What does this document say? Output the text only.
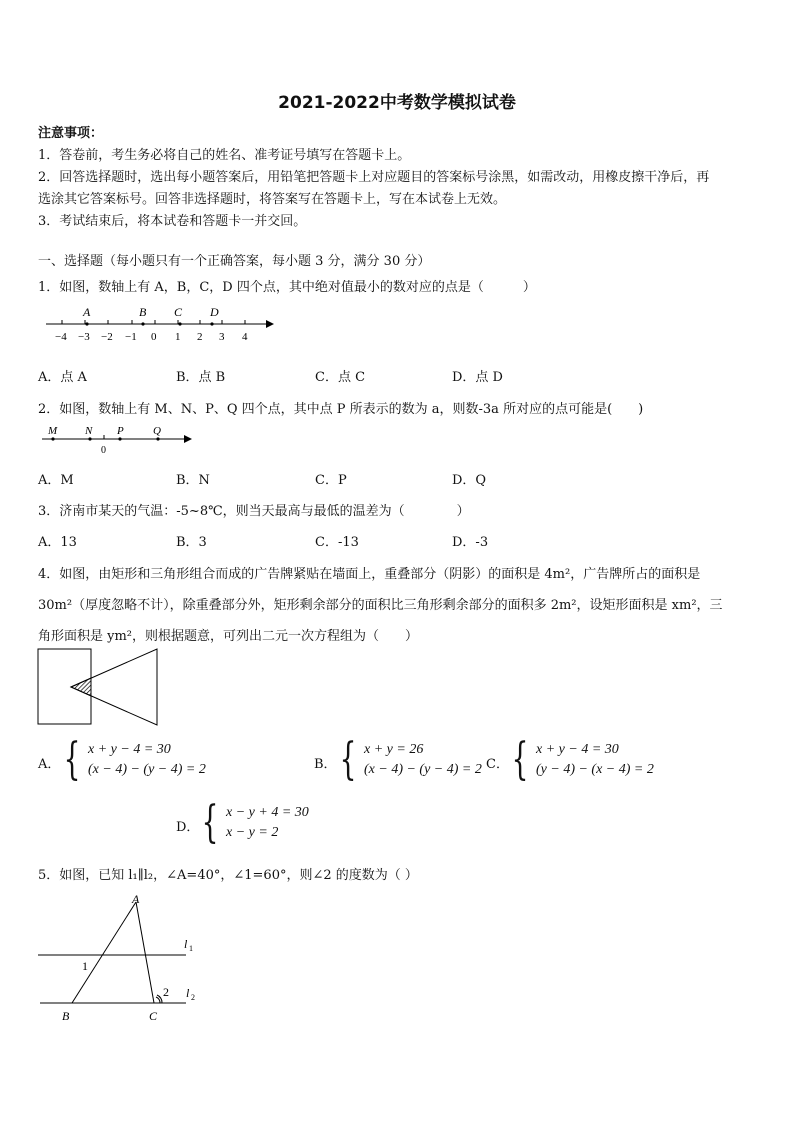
2021-2022中考数学模拟试卷
注意事项：
1．答卷前，考生务必将自己的姓名、准考证号填写在答题卡上。
2．回答选择题时，选出每小题答案后，用铅笔把答题卡上对应题目的答案标号涂黑，如需改动，用橡皮擦干净后，再
选涂其它答案标号。回答非选择题时，将答案写在答题卡上，写在本试卷上无效。
3．考试结束后，将本试卷和答题卡一并交回。
一、选择题（每小题只有一个正确答案，每小题 3 分，满分 30 分）
1．如图，数轴上有 A，B，C，D 四个点，其中绝对值最小的数对应的点是（　　　）
−4 −3 −2 −1 0 1 2 3 4
A	B C D
A．点 A	B．点 B	C．点 C	D．点 D
2．如图，数轴上有 M、N、P、Q 四个点，其中点 P 所表示的数为 a，则数-3a 所对应的点可能是(　　)
M	N P	Q
0
A．M	B．N	C．P	D．Q
3．济南市某天的气温：-5~8℃，则当天最高与最低的温差为（　　　　）
A．13	B．3	C．-13	D．-3
4．如图，由矩形和三角形组合而成的广告牌紧贴在墙面上，重叠部分（阴影）的面积是 4m²，广告牌所占的面积是
30m²（厚度忽略不计），除重叠部分外，矩形剩余部分的面积比三角形剩余部分的面积多 2m²，设矩形面积是 xm²，三
角形面积是 ym²，则根据题意，可列出二元一次方程组为（　　）
A． { x + y − 4 = 30
(x − 4) − (y − 4) = 2	B． { x + y = 26
(x − 4) − (y − 4) = 2 C． { x + y − 4 = 30
(y − 4) − (x − 4) = 2
D． { x − y + 4 = 30
x − y = 2
5．如图，已知 l₁∥l₂，∠A=40°，∠1=60°，则∠2 的度数为（ ）
A
B	C
1
2
l 1
l 2
